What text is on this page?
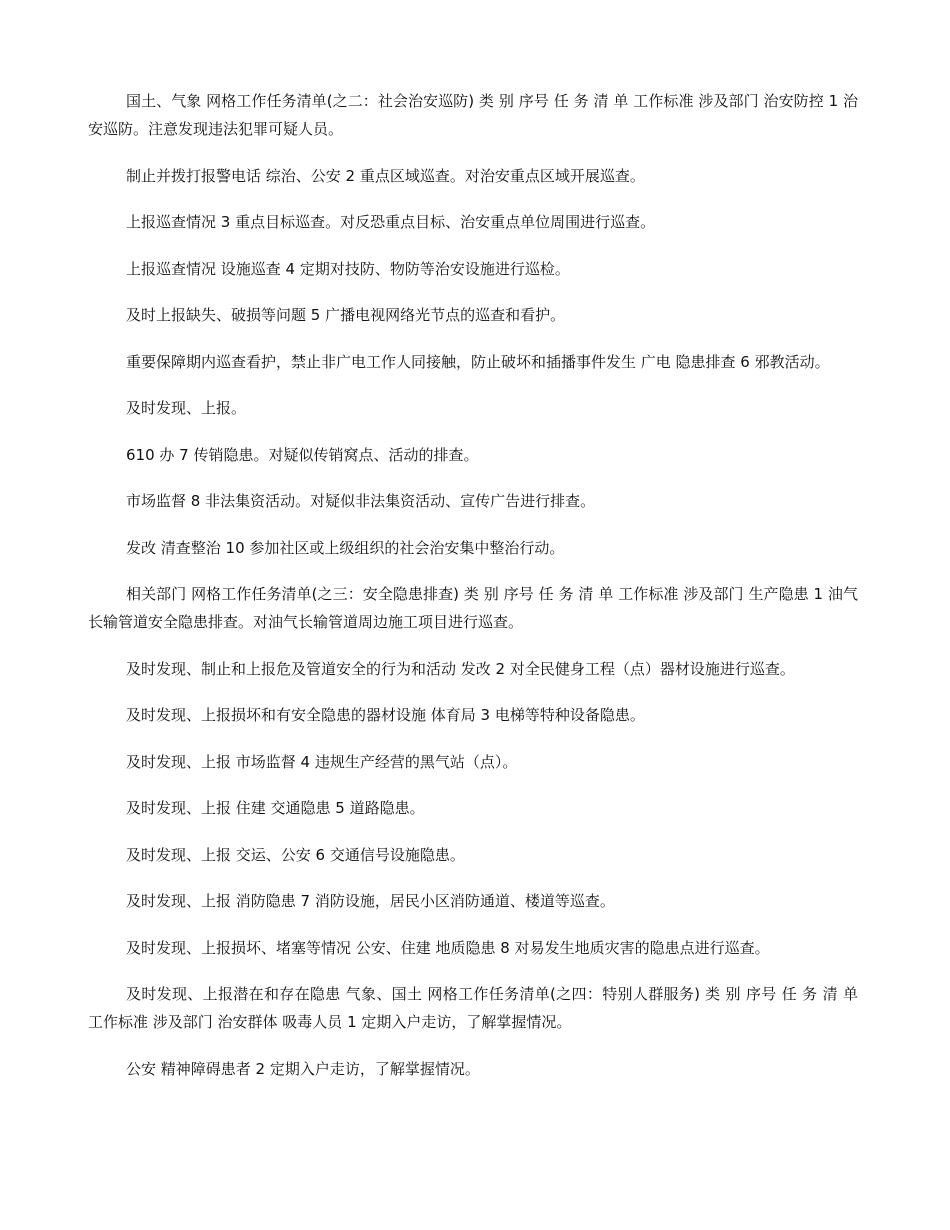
国土、气象 网格工作任务清单(之二：社会治安巡防) 类 别 序号 任 务 清 单 工作标准 涉及部门 治安防控 1 治安巡防。注意发现违法犯罪可疑人员。

制止并拨打报警电话 综治、公安 2 重点区域巡查。对治安重点区域开展巡查。

上报巡查情况 3 重点目标巡查。对反恐重点目标、治安重点单位周围进行巡查。

上报巡查情况 设施巡查 4 定期对技防、物防等治安设施进行巡检。

及时上报缺失、破损等问题 5 广播电视网络光节点的巡查和看护。

重要保障期内巡查看护，禁止非广电工作人同接触，防止破坏和插播事件发生 广电 隐患排查 6 邪教活动。

及时发现、上报。

610 办 7 传销隐患。对疑似传销窝点、活动的排查。

市场监督 8 非法集资活动。对疑似非法集资活动、宣传广告进行排查。

发改 清查整治 10 参加社区或上级组织的社会治安集中整治行动。

相关部门 网格工作任务清单(之三：安全隐患排查) 类 别 序号 任 务 清 单 工作标准 涉及部门 生产隐患 1 油气长输管道安全隐患排查。对油气长输管道周边施工项目进行巡查。

及时发现、制止和上报危及管道安全的行为和活动 发改 2 对全民健身工程（点）器材设施进行巡查。

及时发现、上报损坏和有安全隐患的器材设施 体育局 3 电梯等特种设备隐患。

及时发现、上报 市场监督 4 违规生产经营的黑气站（点）。

及时发现、上报 住建 交通隐患 5 道路隐患。

及时发现、上报 交运、公安 6 交通信号设施隐患。

及时发现、上报 消防隐患 7 消防设施，居民小区消防通道、楼道等巡查。

及时发现、上报损坏、堵塞等情况 公安、住建 地质隐患 8 对易发生地质灾害的隐患点进行巡查。

及时发现、上报潜在和存在隐患 气象、国土 网格工作任务清单(之四：特别人群服务) 类 别 序号 任 务 清 单 工作标准 涉及部门 治安群体 吸毒人员 1 定期入户走访，了解掌握情况。

公安 精神障碍患者 2 定期入户走访，了解掌握情况。
